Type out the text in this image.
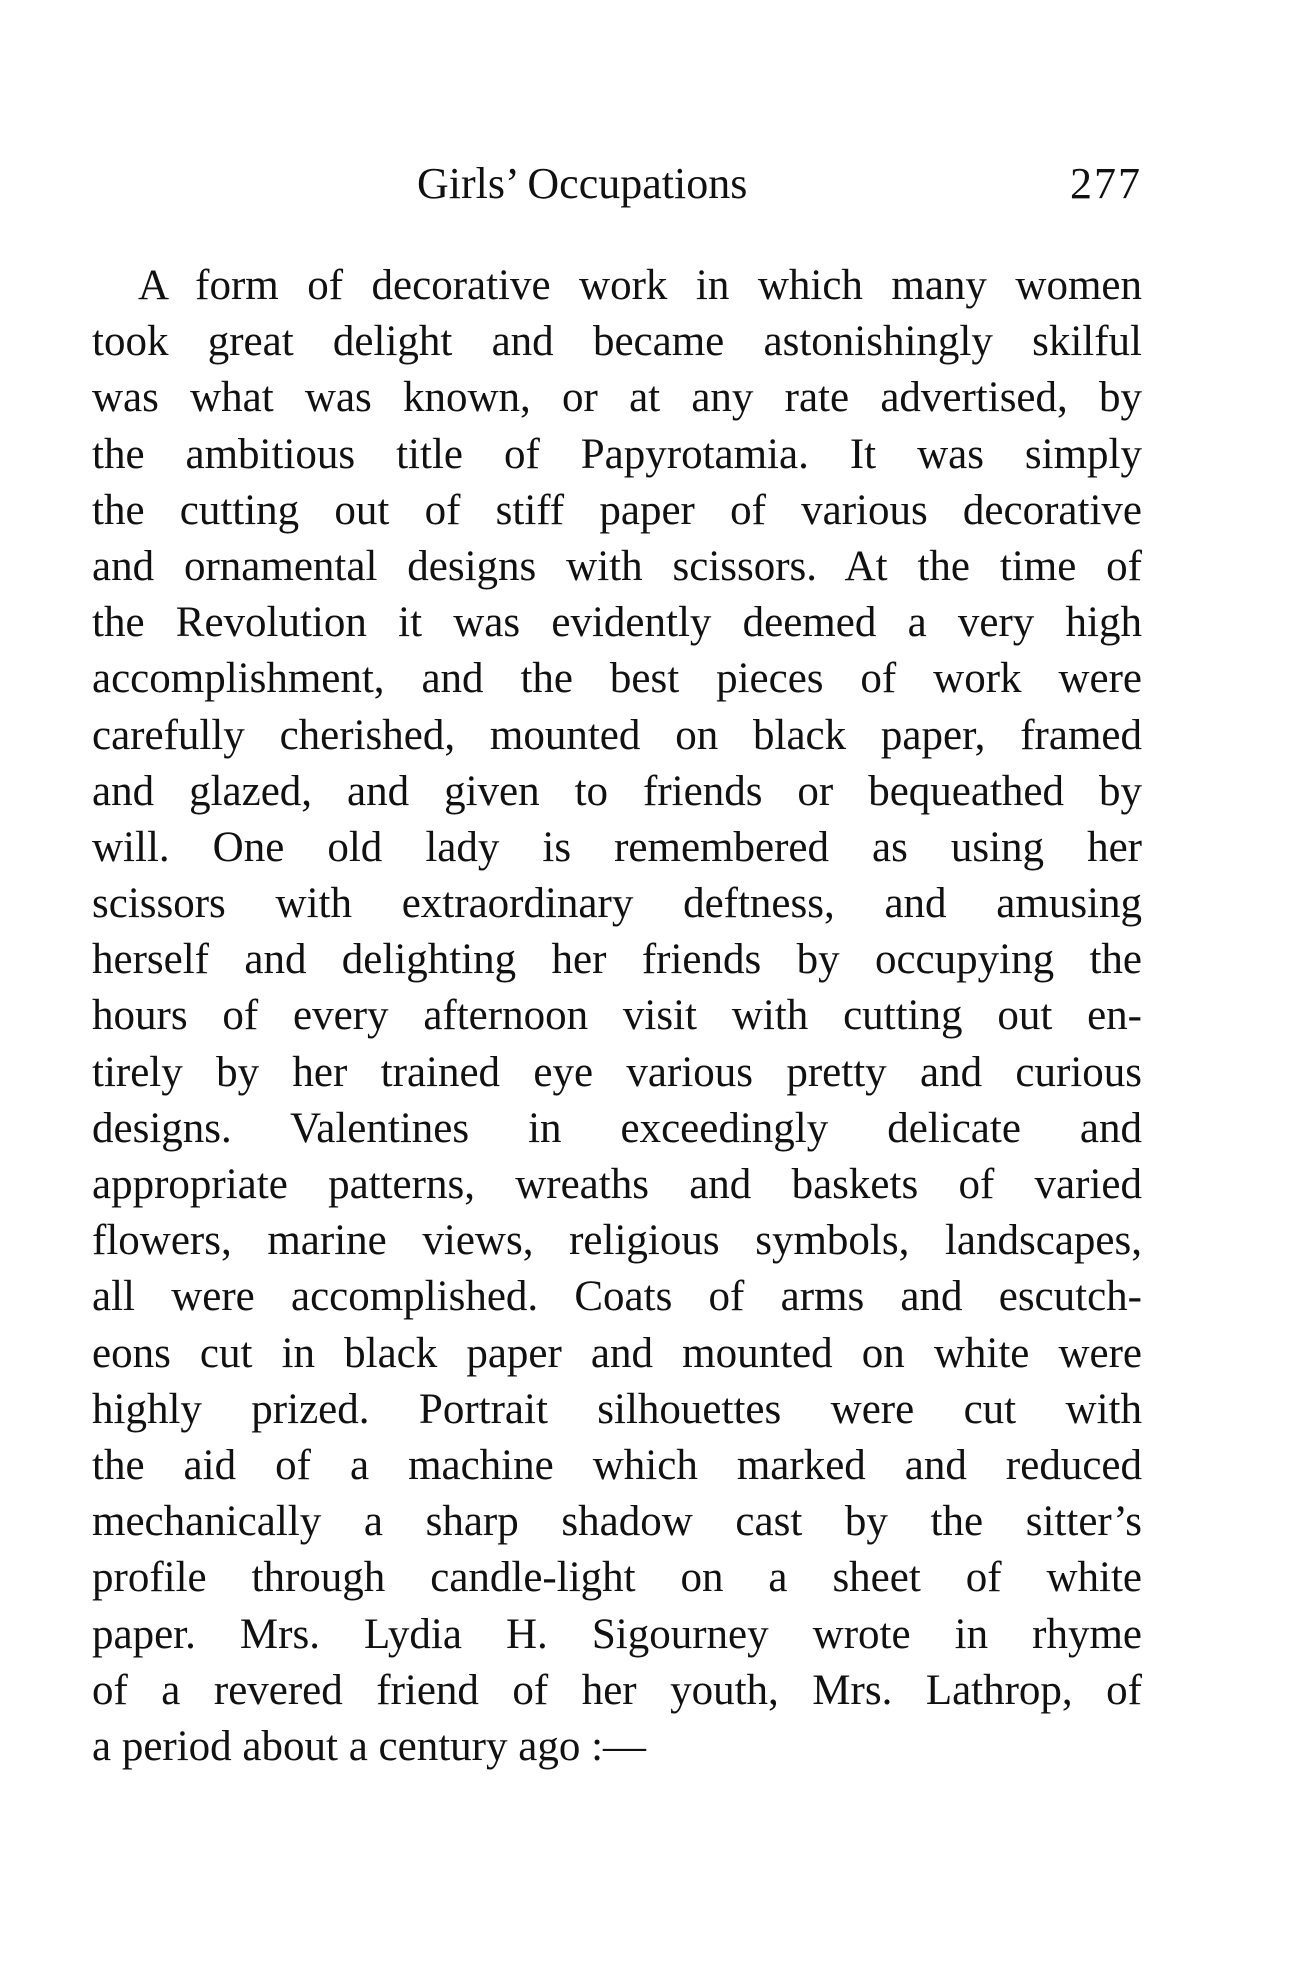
Girls’ Occupations	277
A form of decorative work in which many women
took great delight and became astonishingly skilful
was what was known, or at any rate advertised, by
the ambitious title of Papyrotamia. It was simply
the cutting out of stiff paper of various decorative
and ornamental designs with scissors. At the time of
the Revolution it was evidently deemed a very high
accomplishment, and the best pieces of work were
carefully cherished, mounted on black paper, framed
and glazed, and given to friends or bequeathed by
will. One old lady is remembered as using her
scissors with extraordinary deftness, and amusing
herself and delighting her friends by occupying the
hours of every afternoon visit with cutting out en-
tirely by her trained eye various pretty and curious
designs. Valentines in exceedingly delicate and
appropriate patterns, wreaths and baskets of varied
flowers, marine views, religious symbols, landscapes,
all were accomplished. Coats of arms and escutch-
eons cut in black paper and mounted on white were
highly prized. Portrait silhouettes were cut with
the aid of a machine which marked and reduced
mechanically a sharp shadow cast by the sitter’s
profile through candle-light on a sheet of white
paper. Mrs. Lydia H. Sigourney wrote in rhyme
of a revered friend of her youth, Mrs. Lathrop, of
a period about a century ago :—
